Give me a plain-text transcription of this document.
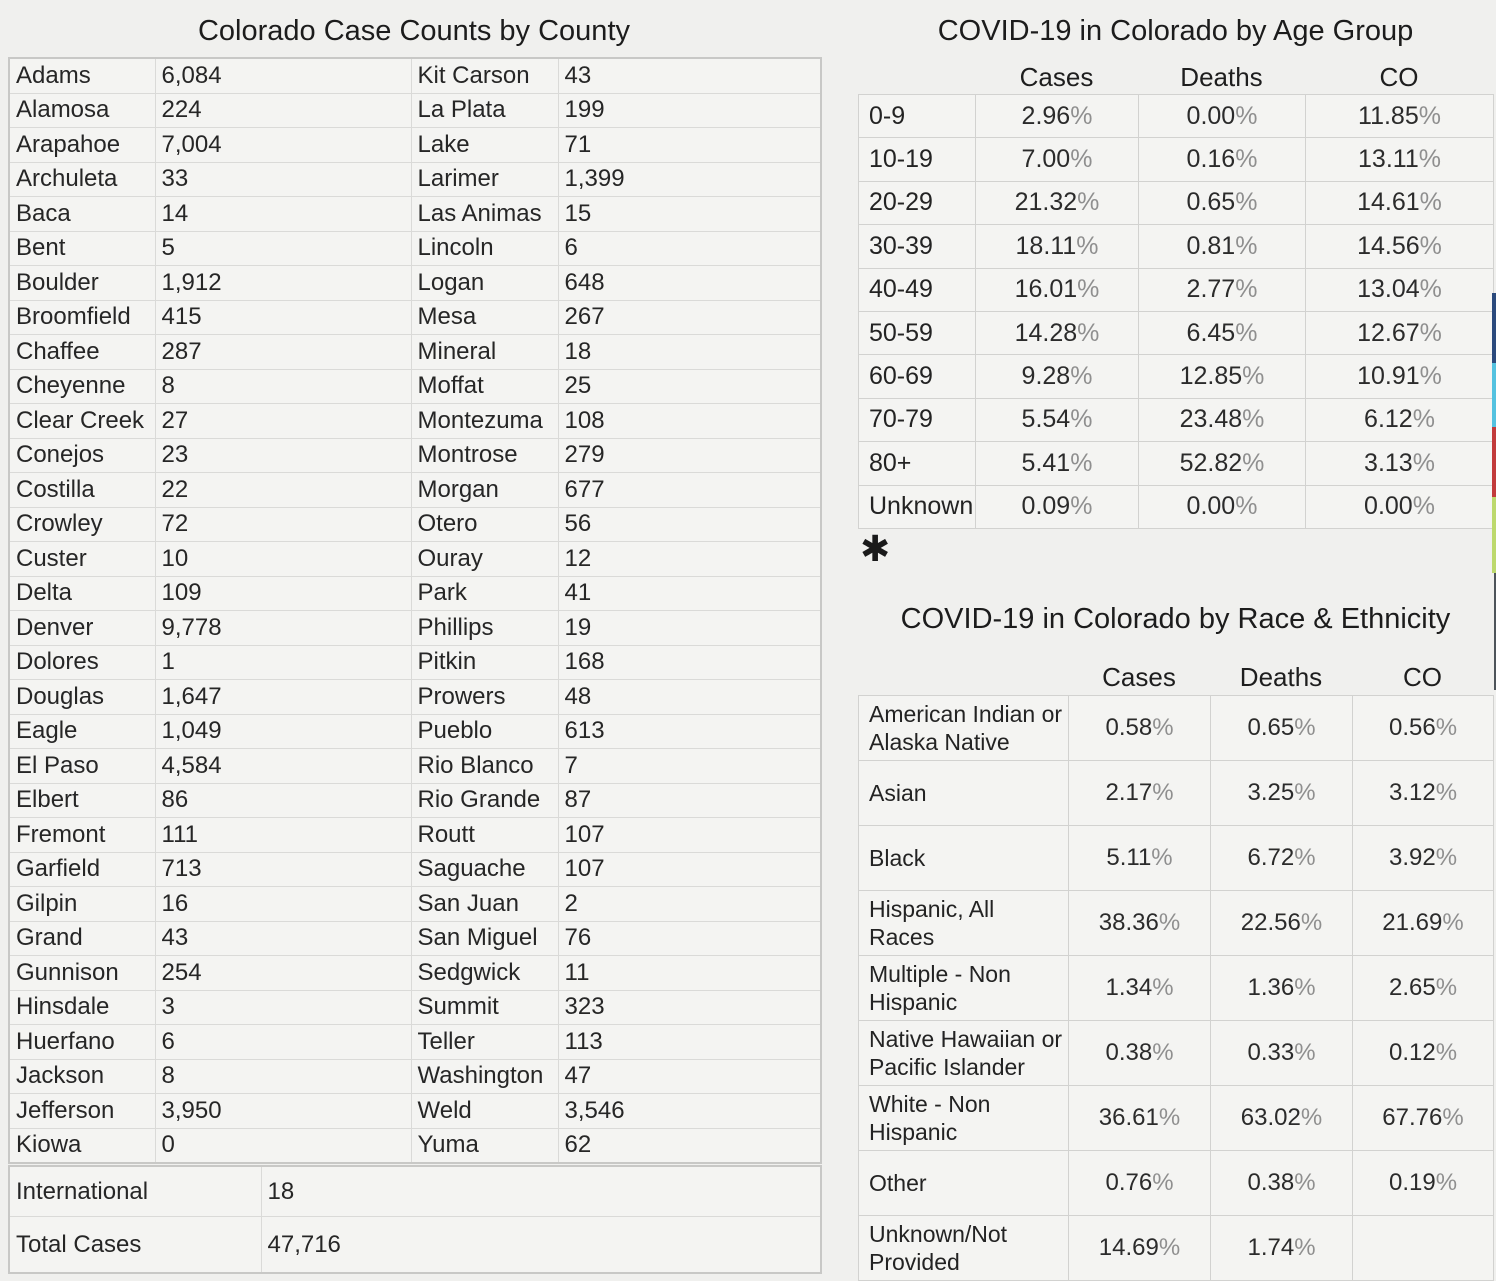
Colorado Case Counts by County
Adams	6,084	Kit Carson	43
Alamosa	224	La Plata	199
Arapahoe	7,004	Lake	71
Archuleta	33	Larimer	1,399
Baca	14	Las Animas	15
Bent	5	Lincoln	6
Boulder	1,912	Logan	648
Broomfield	415	Mesa	267
Chaffee	287	Mineral	18
Cheyenne	8	Moffat	25
Clear Creek	27	Montezuma	108
Conejos	23	Montrose	279
Costilla	22	Morgan	677
Crowley	72	Otero	56
Custer	10	Ouray	12
Delta	109	Park	41
Denver	9,778	Phillips	19
Dolores	1	Pitkin	168
Douglas	1,647	Prowers	48
Eagle	1,049	Pueblo	613
El Paso	4,584	Rio Blanco	7
Elbert	86	Rio Grande	87
Fremont	111	Routt	107
Garfield	713	Saguache	107
Gilpin	16	San Juan	2
Grand	43	San Miguel	76
Gunnison	254	Sedgwick	11
Hinsdale	3	Summit	323
Huerfano	6	Teller	113
Jackson	8	Washington	47
Jefferson	3,950	Weld	3,546
Kiowa	0	Yuma	62
International	18
Total Cases	47,716
COVID-19 in Colorado by Age Group
Cases	Deaths	CO
0-9	2.96%	0.00%	11.85%
10-19	7.00%	0.16%	13.11%
20-29	21.32%	0.65%	14.61%
30-39	18.11%	0.81%	14.56%
40-49	16.01%	2.77%	13.04%
50-59	14.28%	6.45%	12.67%
60-69	9.28%	12.85%	10.91%
70-79	5.54%	23.48%	6.12%
80+	5.41%	52.82%	3.13%
Unknown	0.09%	0.00%	0.00%
✱
COVID-19 in Colorado by Race & Ethnicity
Cases	Deaths	CO
American Indian or Alaska Native	0.58%	0.65%	0.56%
Asian	2.17%	3.25%	3.12%
Black	5.11%	6.72%	3.92%
Hispanic, All Races	38.36%	22.56%	21.69%
Multiple - Non Hispanic	1.34%	1.36%	2.65%
Native Hawaiian or Pacific Islander	0.38%	0.33%	0.12%
White - Non Hispanic	36.61%	63.02%	67.76%
Other	0.76%	0.38%	0.19%
Unknown/Not Provided	14.69%	1.74%	
